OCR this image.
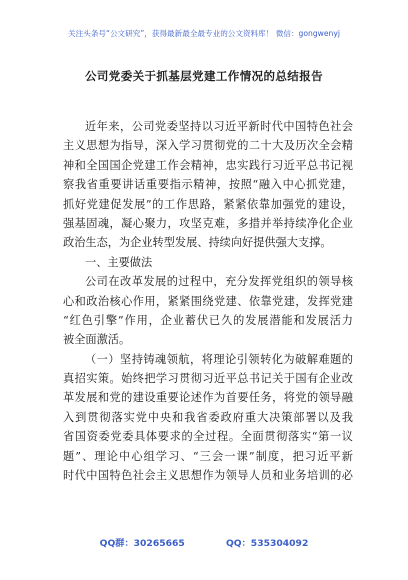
关注头条号“公文研究”，获得最新最全最专业的公文资料库！ 微信：gongwenyj
公司党委关于抓基层党建工作情况的总结报告
近年来，公司党委坚持以习近平新时代中国特色社会
主义思想为指导，深入学习贯彻党的二十大及历次全会精
神和全国国企党建工作会精神，忠实践行习近平总书记视
察我省重要讲话重要指示精神，按照“融入中心抓党建，
抓好党建促发展”的工作思路，紧紧依靠加强党的建设，
强基固魂，凝心聚力，攻坚克难，多措并举持续净化企业
政治生态，为企业转型发展、持续向好提供强大支撑。
一、主要做法
公司在改革发展的过程中，充分发挥党组织的领导核
心和政治核心作用，紧紧围绕党建、依靠党建，发挥党建
“红色引擎”作用，企业蓄伏已久的发展潜能和发展活力
被全面激活。
（一）坚持铸魂领航，将理论引领转化为破解难题的
真招实策。始终把学习贯彻习近平总书记关于国有企业改
革发展和党的建设重要论述作为首要任务，将党的领导融
入到贯彻落实党中央和我省委政府重大决策部署以及我
省国资委党委具体要求的全过程。全面贯彻落实“第一议
题”、理论中心组学习、“三会一课”制度，把习近平新
时代中国特色社会主义思想作为领导人员和业务培训的必
QQ群：30265665	QQ：535304092
